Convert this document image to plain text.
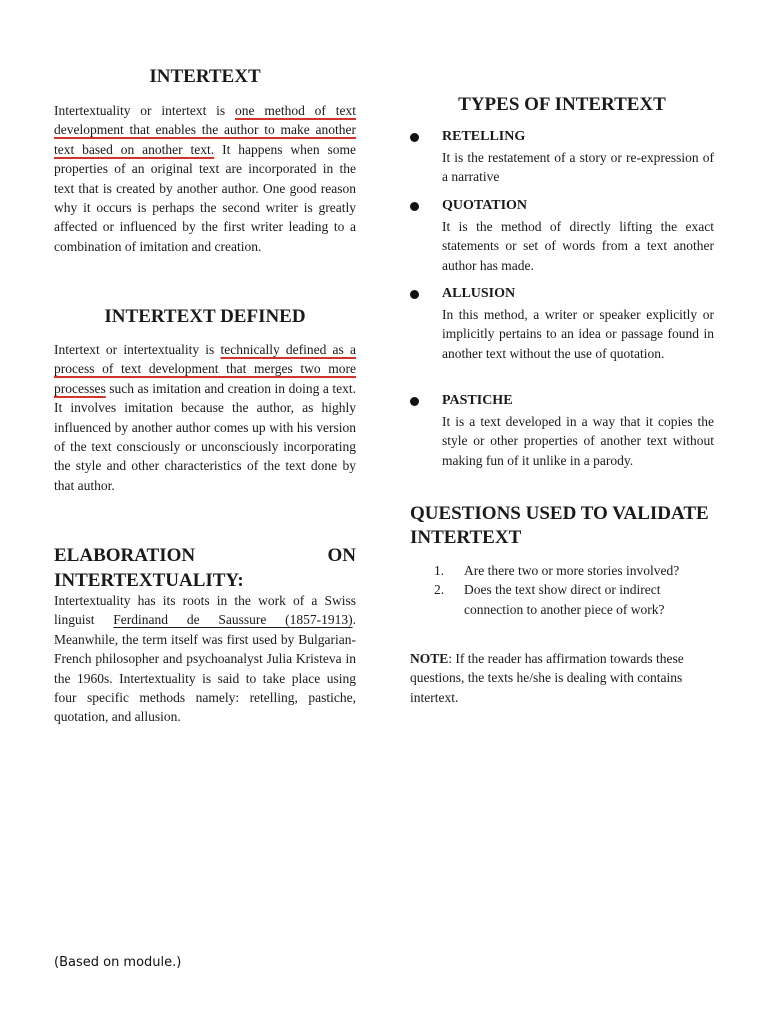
INTERTEXT

Intertextuality or intertext is one method of text development that enables the author to make another text based on another text. It happens when some properties of an original text are incorporated in the text that is created by another author. One good reason why it occurs is perhaps the second writer is greatly affected or influenced by the first writer leading to a combination of imitation and creation.

INTERTEXT DEFINED

Intertext or intertextuality is technically defined as a process of text development that merges two more processes such as imitation and creation in doing a text. It involves imitation because the author, as highly influenced by another author comes up with his version of the text consciously or unconsciously incorporating the style and other characteristics of the text done by that author.

ELABORATION ON
INTERTEXTUALITY:

Intertextuality has its roots in the work of a Swiss linguist Ferdinand de Saussure (1857-1913). Meanwhile, the term itself was first used by Bulgarian-French philosopher and psychoanalyst Julia Kristeva in the 1960s. Intertextuality is said to take place using four specific methods namely: retelling, pastiche, quotation, and allusion.

TYPES OF INTERTEXT
RETELLING

It is the restatement of a story or re-expression of a narrative

QUOTATION

It is the method of directly lifting the exact statements or set of words from a text another author has made.

ALLUSION

In this method, a writer or speaker explicitly or implicitly pertains to an idea or passage found in another text without the use of quotation.

PASTICHE

It is a text developed in a way that it copies the style or other properties of another text without making fun of it unlike in a parody.

QUESTIONS USED TO VALIDATE INTERTEXT
1. Are there two or more stories involved?
2. Does the text show direct or indirect connection to another piece of work?

NOTE: If the reader has affirmation towards these questions, the texts he/she is dealing with contains intertext.

(Based on module.)
